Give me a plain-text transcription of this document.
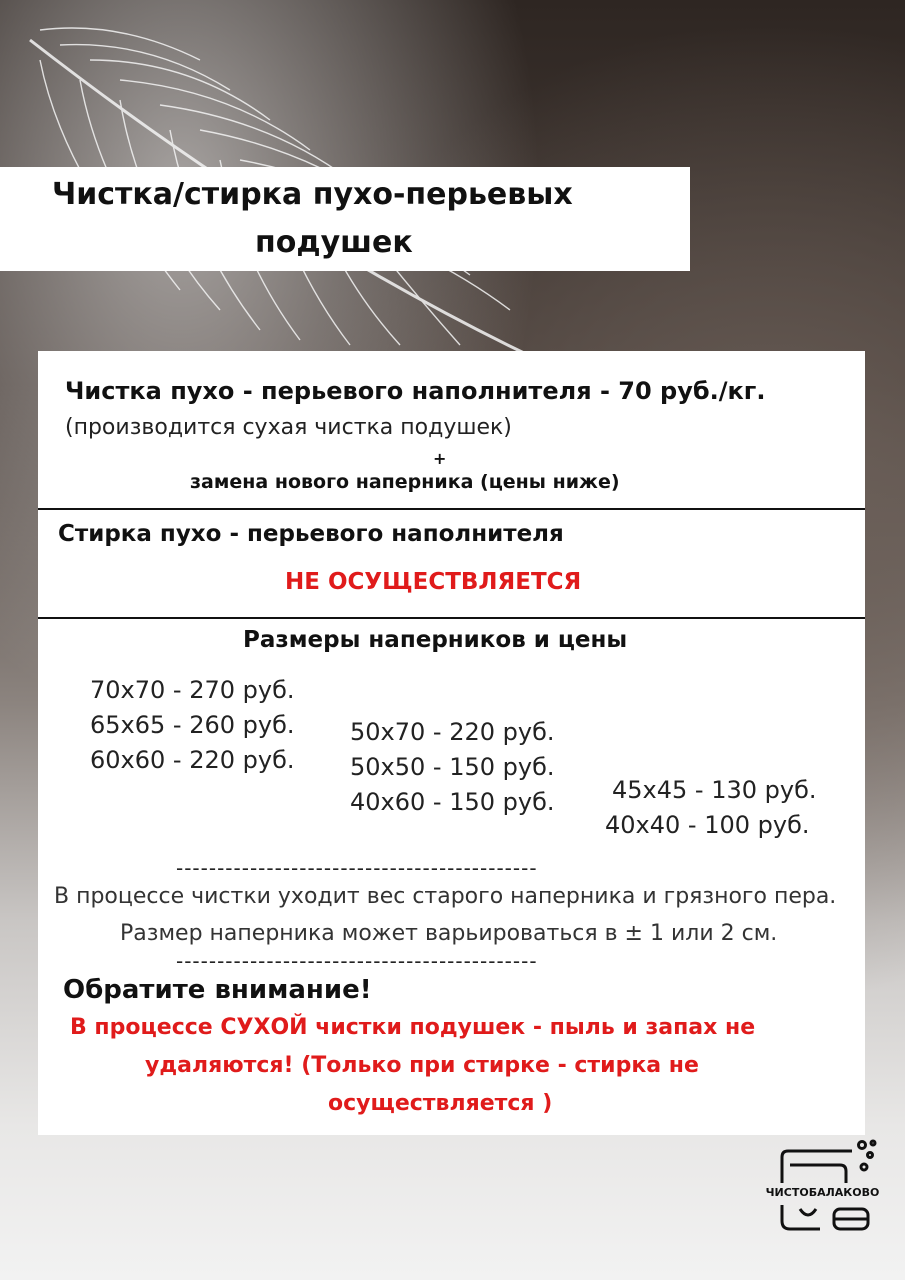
Чистка/стирка пухо-перьевых
подушек
Чистка пухо - перьевого наполнителя - 70 руб./кг.
(производится сухая чистка подушек)
+
замена нового наперника (цены ниже)
Стирка пухо - перьевого наполнителя
НЕ ОСУЩЕСТВЛЯЕТСЯ
Размеры наперников и цены
70x70 - 270 руб.
65x65 - 260 руб.
60x60 - 220 руб.
50x70 - 220 руб.
50x50 - 150 руб.
40x60 - 150 руб. 45x45 - 130 руб.
40x40 - 100 руб.
--------------------------------------------
В процессе чистки уходит вес старого наперника и грязного пера.
Размер наперника может варьироваться в ± 1 или 2 см.
--------------------------------------------
Обратите внимание!
В процессе СУХОЙ чистки подушек - пыль и запах не
удаляются! (Только при стирке - стирка не
осуществляется )
ЧИСТОБАЛАКОВО
